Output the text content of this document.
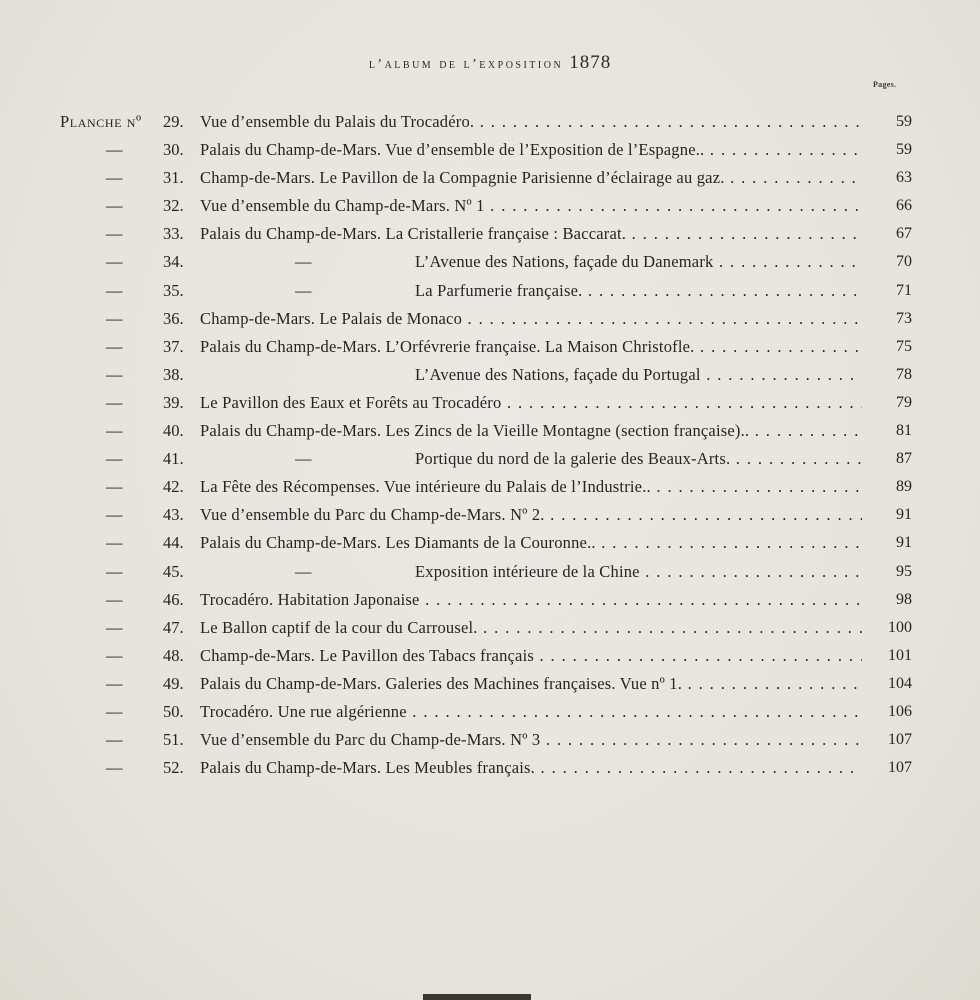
l’album de l’exposition 1878
Pages.
Planche nº 29. Vue d’ensemble du Palais du Trocadéro. . .	59
— 30. Palais du Champ-de-Mars. Vue d’ensemble de l’Exposition de l’Espagne.. . .	59
— 31. Champ-de-Mars. Le Pavillon de la Compagnie Parisienne d’éclairage au gaz. . .	63
— 32. Vue d’ensemble du Champ-de-Mars. Nº 1 . .	66
— 33. Palais du Champ-de-Mars. La Cristallerie française : Baccarat. . .	67
— 34.	—	L’Avenue des Nations, façade du Danemark . .	70
— 35.	—	La Parfumerie française. . .	71
— 36. Champ-de-Mars. Le Palais de Monaco . .	73
— 37. Palais du Champ-de-Mars. L’Orfévrerie française. La Maison Christofle. . .	75
— 38.	L’Avenue des Nations, façade du Portugal . .	78
— 39. Le Pavillon des Eaux et Forêts au Trocadéro . .	79
— 40. Palais du Champ-de-Mars. Les Zincs de la Vieille Montagne (section française).. . .	81
— 41.	—	Portique du nord de la galerie des Beaux-Arts. . .	87
— 42. La Fête des Récompenses. Vue intérieure du Palais de l’Industrie.. . .	89
— 43. Vue d’ensemble du Parc du Champ-de-Mars. Nº 2. . .	91
— 44. Palais du Champ-de-Mars. Les Diamants de la Couronne.. . .	91
— 45.	—	Exposition intérieure de la Chine . .	95
— 46. Trocadéro. Habitation Japonaise . .	98
— 47. Le Ballon captif de la cour du Carrousel. . .	100
— 48. Champ-de-Mars. Le Pavillon des Tabacs français . .	101
— 49. Palais du Champ-de-Mars. Galeries des Machines françaises. Vue nº 1. . .	104
— 50. Trocadéro. Une rue algérienne . .	106
— 51. Vue d’ensemble du Parc du Champ-de-Mars. Nº 3 . .	107
— 52. Palais du Champ-de-Mars. Les Meubles français. . .	107
